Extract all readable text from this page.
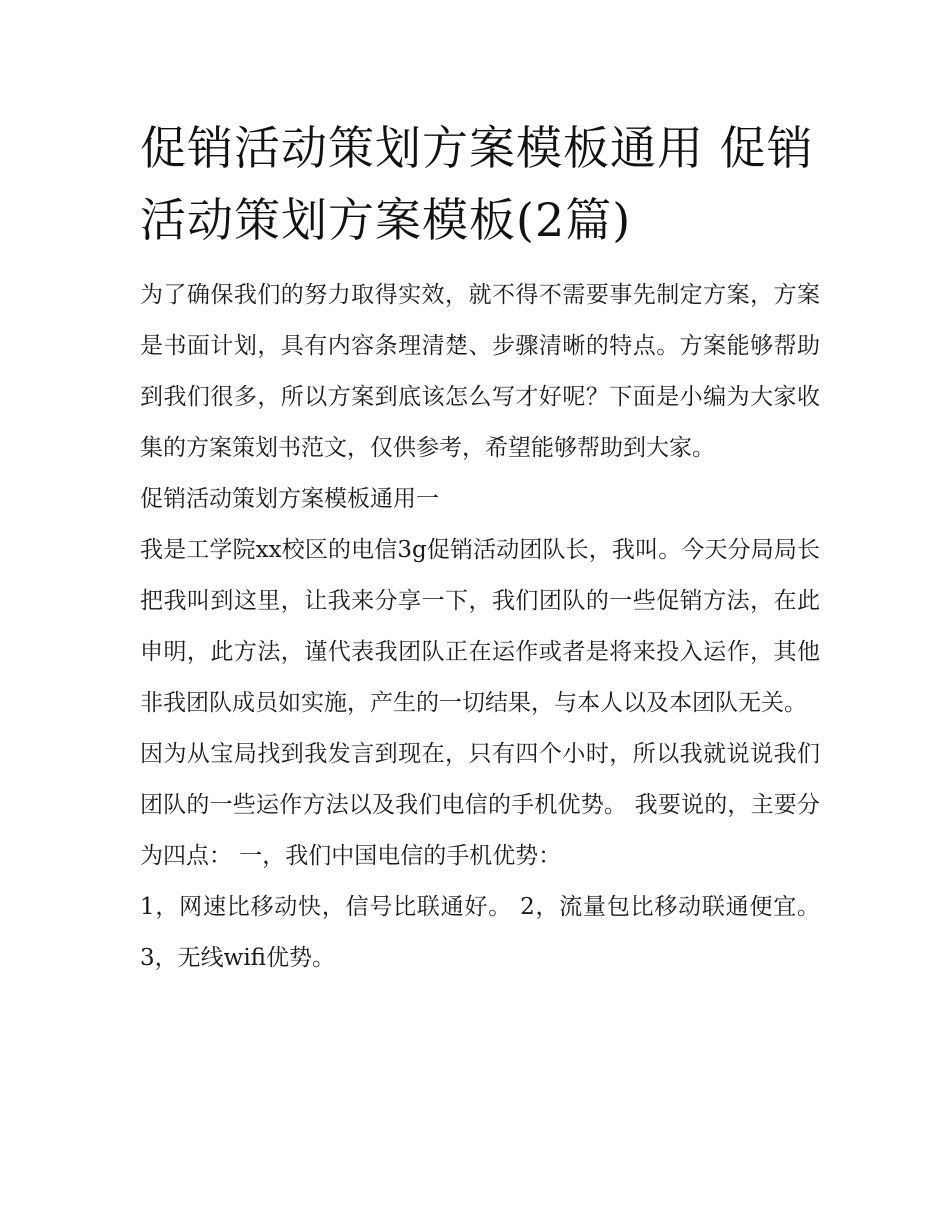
促销活动策划方案模板通用 促销活动策划方案模板(2篇)

为了确保我们的努力取得实效，就不得不需要事先制定方案，方案是书面计划，具有内容条理清楚、步骤清晰的特点。方案能够帮助到我们很多，所以方案到底该怎么写才好呢？下面是小编为大家收集的方案策划书范文，仅供参考，希望能够帮助到大家。

促销活动策划方案模板通用一

我是工学院xx校区的电信3g促销活动团队长，我叫。今天分局局长把我叫到这里，让我来分享一下，我们团队的一些促销方法，在此申明，此方法，谨代表我团队正在运作或者是将来投入运作，其他非我团队成员如实施，产生的一切结果，与本人以及本团队无关。

因为从宝局找到我发言到现在，只有四个小时，所以我就说说我们团队的一些运作方法以及我们电信的手机优势。 我要说的，主要分为四点： 一，我们中国电信的手机优势：

1，网速比移动快，信号比联通好。 2，流量包比移动联通便宜。 3，无线wifi优势。
